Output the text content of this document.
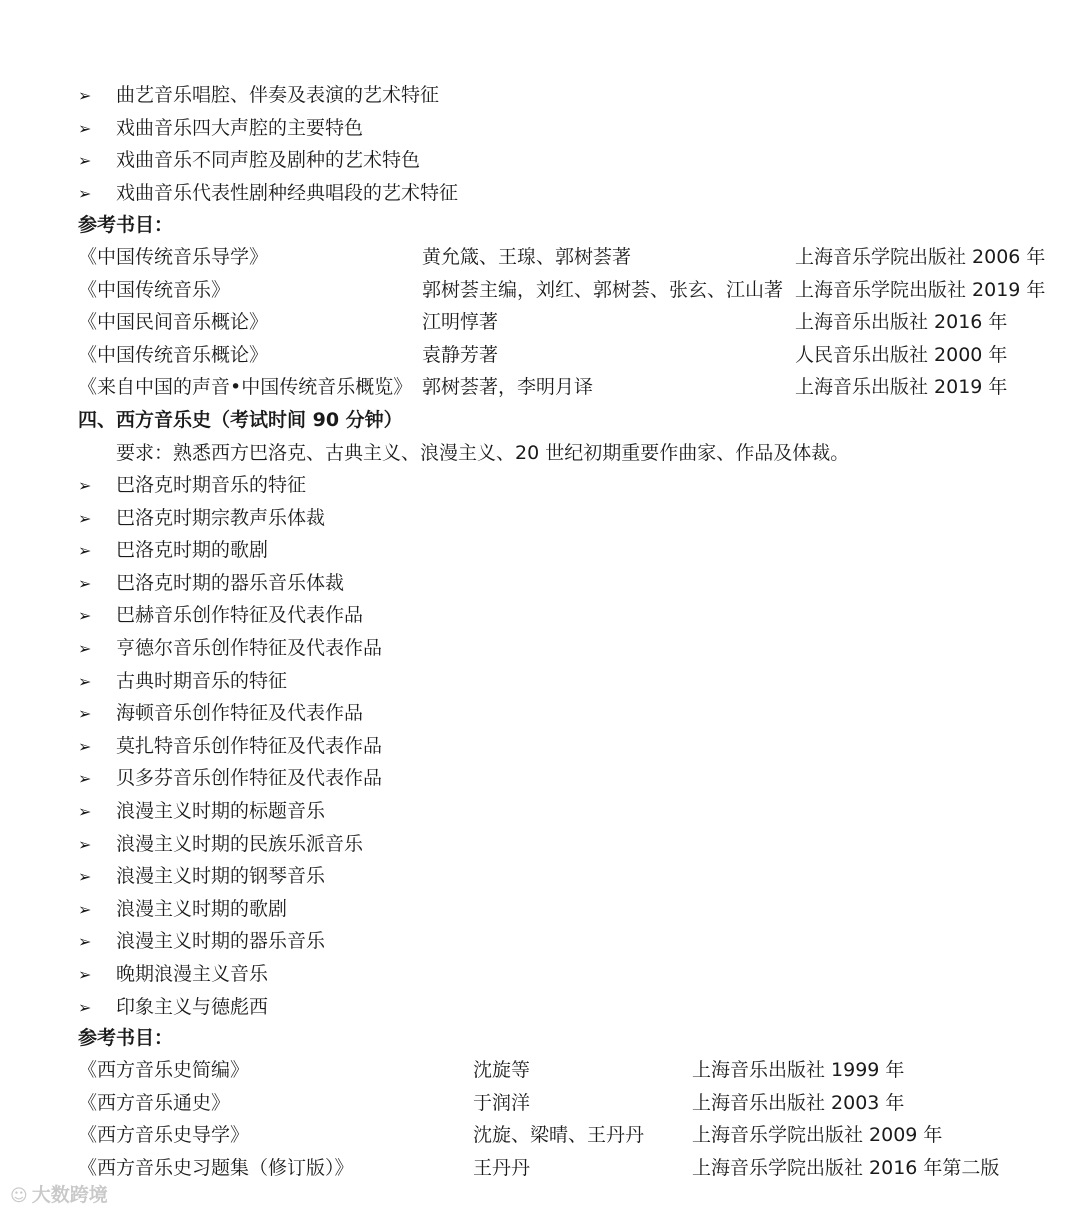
➢ 曲艺音乐唱腔、伴奏及表演的艺术特征
➢ 戏曲音乐四大声腔的主要特色
➢ 戏曲音乐不同声腔及剧种的艺术特色
➢ 戏曲音乐代表性剧种经典唱段的艺术特征
参考书目：
《中国传统音乐导学》	黄允箴、王瑔、郭树荟著	上海音乐学院出版社 2006 年
《中国传统音乐》	郭树荟主编，刘红、郭树荟、张玄、江山著 上海音乐学院出版社 2019 年
《中国民间音乐概论》	江明惇著	上海音乐出版社 2016 年
《中国传统音乐概论》	袁静芳著	人民音乐出版社 2000 年
《来自中国的声音•中国传统音乐概览》 郭树荟著，李明月译	上海音乐出版社 2019 年
四、西方音乐史（考试时间 90 分钟）
要求：熟悉西方巴洛克、古典主义、浪漫主义、20 世纪初期重要作曲家、作品及体裁。
➢ 巴洛克时期音乐的特征
➢ 巴洛克时期宗教声乐体裁
➢ 巴洛克时期的歌剧
➢ 巴洛克时期的器乐音乐体裁
➢ 巴赫音乐创作特征及代表作品
➢ 亨德尔音乐创作特征及代表作品
➢ 古典时期音乐的特征
➢ 海顿音乐创作特征及代表作品
➢ 莫扎特音乐创作特征及代表作品
➢ 贝多芬音乐创作特征及代表作品
➢ 浪漫主义时期的标题音乐
➢ 浪漫主义时期的民族乐派音乐
➢ 浪漫主义时期的钢琴音乐
➢ 浪漫主义时期的歌剧
➢ 浪漫主义时期的器乐音乐
➢ 晚期浪漫主义音乐
➢ 印象主义与德彪西
参考书目：
《西方音乐史简编》	沈旋等	上海音乐出版社 1999 年
《西方音乐通史》	于润洋	上海音乐出版社 2003 年
《西方音乐史导学》	沈旋、梁晴、王丹丹	上海音乐学院出版社 2009 年
《西方音乐史习题集（修订版）》	王丹丹	上海音乐学院出版社 2016 年第二版
☺ 大数跨境
